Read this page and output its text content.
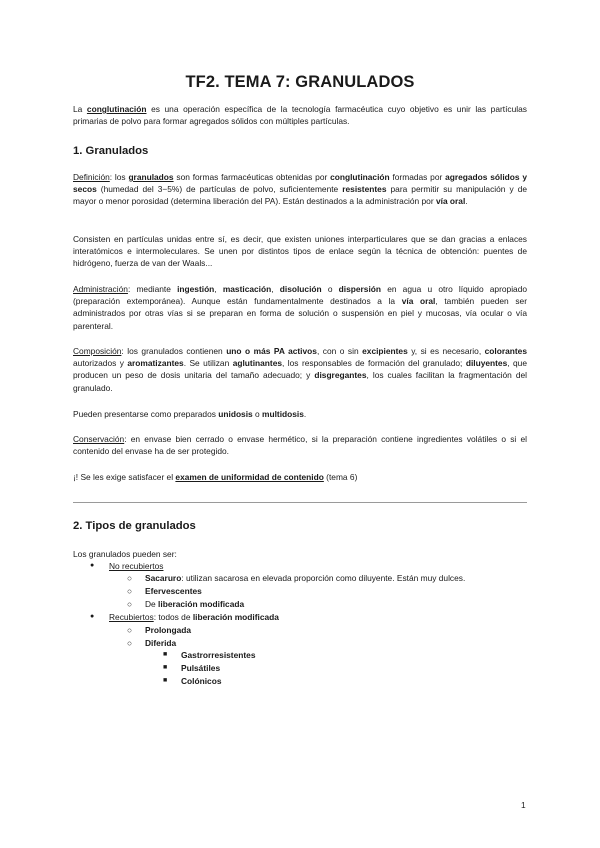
TF2. TEMA 7: GRANULADOS

La conglutinación es una operación específica de la tecnología farmacéutica cuyo objetivo es unir las partículas primarias de polvo para formar agregados sólidos con múltiples partículas.

1. Granulados

Definición: los granulados son formas farmacéuticas obtenidas por conglutinación formadas por agregados sólidos y secos (humedad del 3−5%) de partículas de polvo, suficientemente resistentes para permitir su manipulación y de mayor o menor porosidad (determina liberación del PA). Están destinados a la administración por vía oral.

Consisten en partículas unidas entre sí, es decir, que existen uniones interparticulares que se dan gracias a enlaces interatómicos e intermoleculares. Se unen por distintos tipos de enlace según la técnica de obtención: puentes de hidrógeno, fuerza de van der Waals...

Administración: mediante ingestión, masticación, disolución o dispersión en agua u otro líquido apropiado (preparación extemporánea). Aunque están fundamentalmente destinados a la vía oral, también pueden ser administrados por otras vías si se preparan en forma de solución o suspensión en piel y mucosas, vía ocular o vía parenteral.

Composición: los granulados contienen uno o más PA activos, con o sin excipientes y, si es necesario, colorantes autorizados y aromatizantes. Se utilizan aglutinantes, los responsables de formación del granulado; diluyentes, que producen un peso de dosis unitaria del tamaño adecuado; y disgregantes, los cuales facilitan la fragmentación del granulado.

Pueden presentarse como preparados unidosis o multidosis.

Conservación: en envase bien cerrado o envase hermético, si la preparación contiene ingredientes volátiles o si el contenido del envase ha de ser protegido.

¡! Se les exige satisfacer el examen de uniformidad de contenido (tema 6)

2. Tipos de granulados
Los granulados pueden ser:
● No recubiertos
○ Sacaruro: utilizan sacarosa en elevada proporción como diluyente. Están muy dulces.
○ Efervescentes
○ De liberación modificada
● Recubiertos: todos de liberación modificada
○ Prolongada
○ Diferida
■ Gastrorresistentes
■ Pulsátiles
■ Colónicos
1
